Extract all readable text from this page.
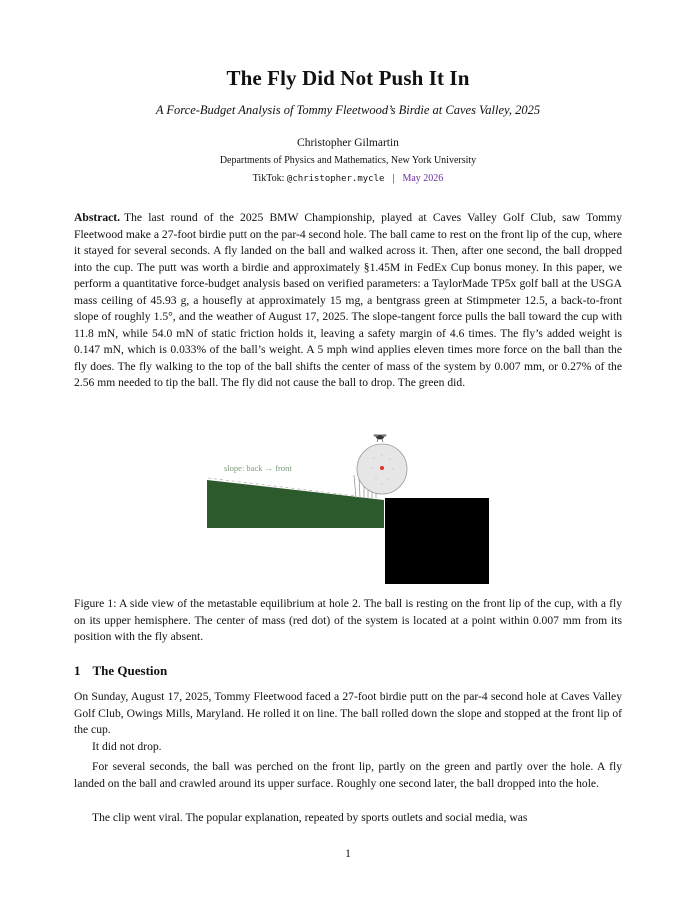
The Fly Did Not Push It In
A Force-Budget Analysis of Tommy Fleetwood’s Birdie at Caves Valley, 2025
Christopher Gilmartin
Departments of Physics and Mathematics, New York University
TikTok: @christopher.mycle | May 2026
Abstract. The last round of the 2025 BMW Championship, played at Caves Valley Golf Club, saw Tommy Fleetwood make a 27-foot birdie putt on the par-4 second hole. The ball came to rest on the front lip of the cup, where it stayed for several seconds. A fly landed on the ball and walked across it. Then, after one second, the ball dropped into the cup. The putt was worth a birdie and approximately §1.45M in FedEx Cup bonus money. In this paper, we perform a quantitative force-budget analysis based on verified parameters: a TaylorMade TP5x golf ball at the USGA mass ceiling of 45.93 g, a housefly at approximately 15 mg, a bentgrass green at Stimpmeter 12.5, a back-to-front slope of roughly 1.5°, and the weather of August 17, 2025. The slope-tangent force pulls the ball toward the cup with 11.8 mN, while 54.0 mN of static friction holds it, leaving a safety margin of 4.6 times. The fly’s added weight is 0.147 mN, which is 0.033% of the ball’s weight. A 5 mph wind applies eleven times more force on the ball than the fly does. The fly walking to the top of the ball shifts the center of mass of the system by 0.007 mm, or 0.27% of the 2.56 mm needed to tip the ball. The fly did not cause the ball to drop. The green did.
slope: back → front
Figure 1: A side view of the metastable equilibrium at hole 2. The ball is resting on the front lip of the cup, with a fly on its upper hemisphere. The center of mass (red dot) of the system is located at a point within 0.007 mm from its position with the fly absent.
1 The Question
On Sunday, August 17, 2025, Tommy Fleetwood faced a 27-foot birdie putt on the par-4 second hole at Caves Valley Golf Club, Owings Mills, Maryland. He rolled it on line. The ball rolled down the slope and stopped at the front lip of the cup.
It did not drop.
For several seconds, the ball was perched on the front lip, partly on the green and partly over the hole. A fly landed on the ball and crawled around its upper surface. Roughly one second later, the ball dropped into the hole.
The clip went viral. The popular explanation, repeated by sports outlets and social media, was
1
